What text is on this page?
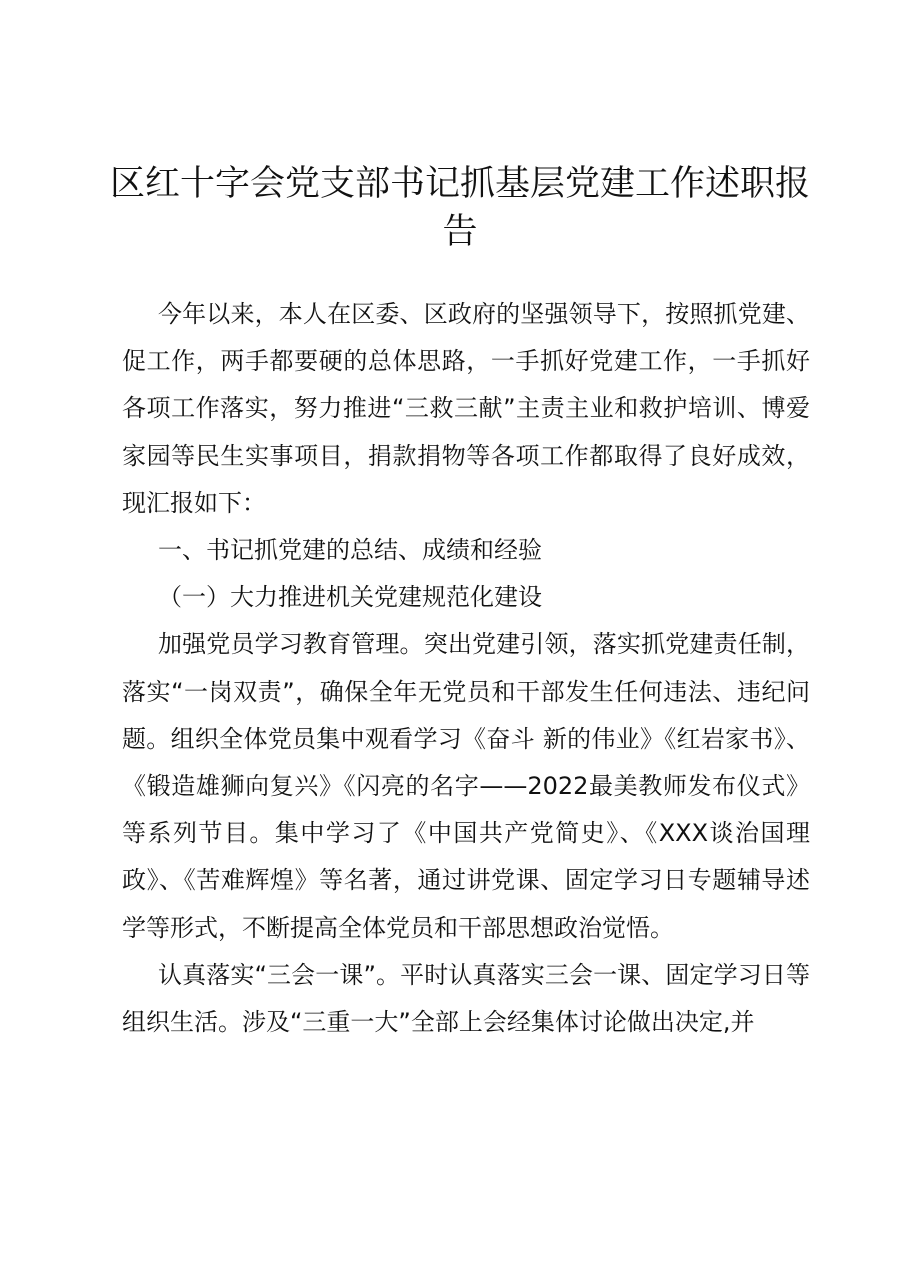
区红十字会党支部书记抓基层党建工作述职报告

今年以来，本人在区委、区政府的坚强领导下，按照抓党建、促工作，两手都要硬的总体思路，一手抓好党建工作，一手抓好各项工作落实，努力推进“三救三献”主责主业和救护培训、博爱家园等民生实事项目，捐款捐物等各项工作都取得了良好成效，现汇报如下：

一、书记抓党建的总结、成绩和经验

（一）大力推进机关党建规范化建设

加强党员学习教育管理。突出党建引领，落实抓党建责任制，落实“一岗双责”，确保全年无党员和干部发生任何违法、违纪问题。组织全体党员集中观看学习《奋斗 新的伟业》《红岩家书》、《锻造雄狮向复兴》《闪亮的名字——2022最美教师发布仪式》等系列节目。集中学习了《中国共产党简史》、《XXX谈治国理政》、《苦难辉煌》等名著，通过讲党课、固定学习日专题辅导述学等形式，不断提高全体党员和干部思想政治觉悟。

认真落实“三会一课”。平时认真落实三会一课、固定学习日等组织生活。涉及“三重一大”全部上会经集体讨论做出决定,并
